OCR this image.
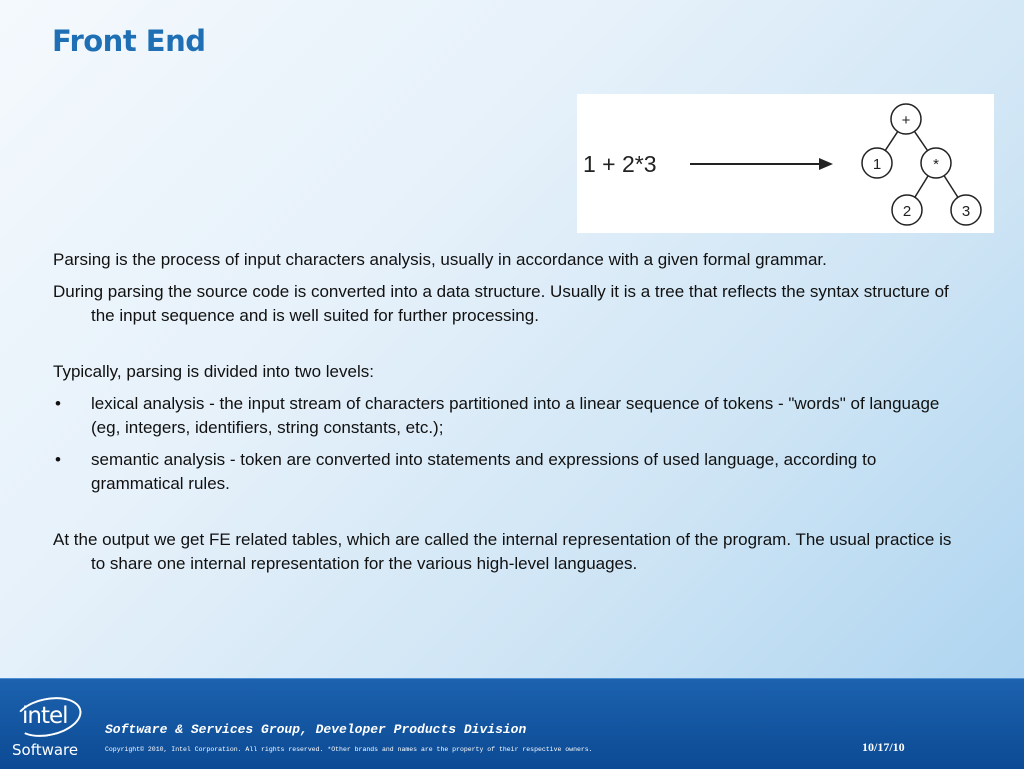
Front End
1 + 2*3
+
1	*
2	3

Parsing is the process of input characters analysis, usually in accordance with a given formal grammar.

During parsing the source code is converted into a data structure. Usually it is a tree that reflects the syntax structure of the input sequence and is well suited for further processing.

Typically, parsing is divided into two levels:

• lexical analysis - the input stream of characters partitioned into a linear sequence of tokens - "words" of language (eg, integers, identifiers, string constants, etc.);
• semantic analysis - token are converted into statements and expressions of used language, according to grammatical rules.

At the output we get FE related tables, which are called the internal representation of the program. The usual practice is to share one internal representation for the various high-level languages.

intel
Software
Software & Services Group, Developer Products Division
Copyright© 2010, Intel Corporation. All rights reserved. *Other brands and names are the property of their respective owners.	10/17/10
